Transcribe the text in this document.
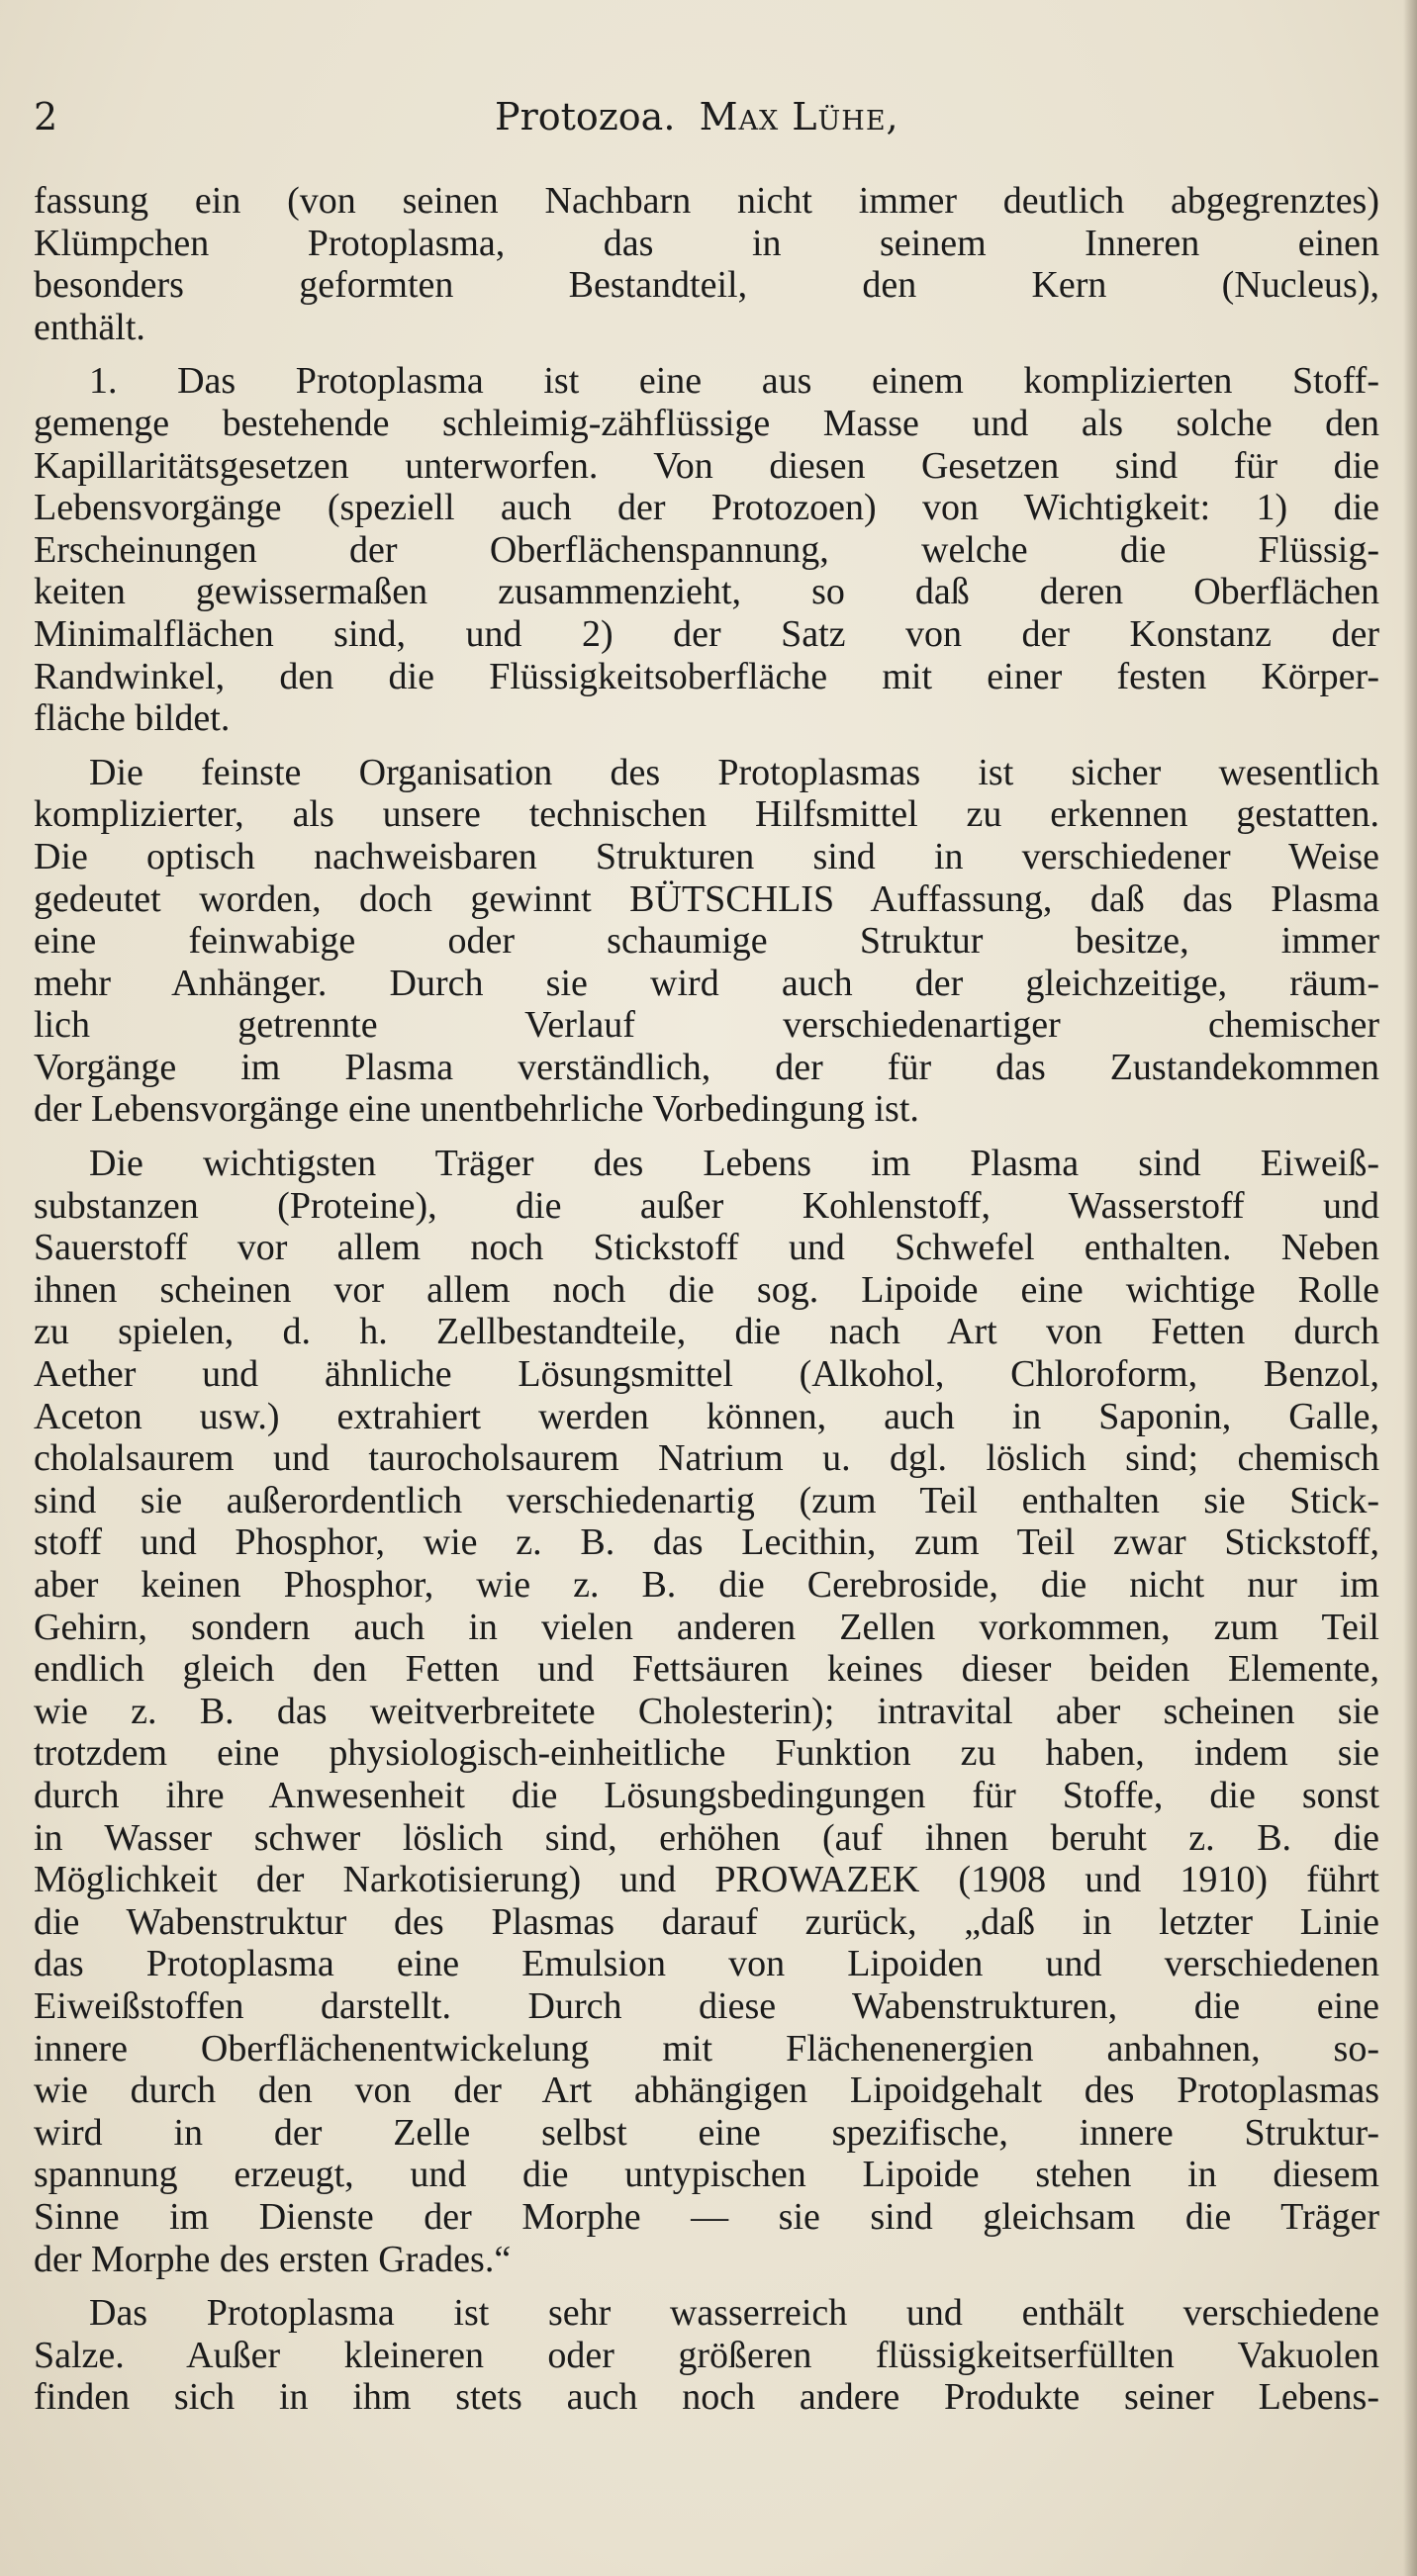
2	Protozoa. Max Lühe,
fassung ein (von seinen Nachbarn nicht immer deutlich abgegrenztes)
Klümpchen Protoplasma, das in seinem Inneren einen
besonders geformten Bestandteil, den Kern (Nucleus),
enthält.
1. Das Protoplasma ist eine aus einem komplizierten Stoff-
gemenge bestehende schleimig-zähflüssige Masse und als solche den
Kapillaritätsgesetzen unterworfen. Von diesen Gesetzen sind für die
Lebensvorgänge (speziell auch der Protozoen) von Wichtigkeit: 1) die
Erscheinungen der Oberflächenspannung, welche die Flüssig-
keiten gewissermaßen zusammenzieht, so daß deren Oberflächen
Minimalflächen sind, und 2) der Satz von der Konstanz der
Randwinkel, den die Flüssigkeitsoberfläche mit einer festen Körper-
fläche bildet.
Die feinste Organisation des Protoplasmas ist sicher wesentlich
komplizierter, als unsere technischen Hilfsmittel zu erkennen gestatten.
Die optisch nachweisbaren Strukturen sind in verschiedener Weise
gedeutet worden, doch gewinnt BÜTSCHLIS Auffassung, daß das Plasma
eine feinwabige oder schaumige Struktur besitze, immer
mehr Anhänger. Durch sie wird auch der gleichzeitige, räum-
lich getrennte Verlauf verschiedenartiger chemischer
Vorgänge im Plasma verständlich, der für das Zustandekommen
der Lebensvorgänge eine unentbehrliche Vorbedingung ist.
Die wichtigsten Träger des Lebens im Plasma sind Eiweiß-
substanzen (Proteine), die außer Kohlenstoff, Wasserstoff und
Sauerstoff vor allem noch Stickstoff und Schwefel enthalten. Neben
ihnen scheinen vor allem noch die sog. Lipoide eine wichtige Rolle
zu spielen, d. h. Zellbestandteile, die nach Art von Fetten durch
Aether und ähnliche Lösungsmittel (Alkohol, Chloroform, Benzol,
Aceton usw.) extrahiert werden können, auch in Saponin, Galle,
cholalsaurem und taurocholsaurem Natrium u. dgl. löslich sind; chemisch
sind sie außerordentlich verschiedenartig (zum Teil enthalten sie Stick-
stoff und Phosphor, wie z. B. das Lecithin, zum Teil zwar Stickstoff,
aber keinen Phosphor, wie z. B. die Cerebroside, die nicht nur im
Gehirn, sondern auch in vielen anderen Zellen vorkommen, zum Teil
endlich gleich den Fetten und Fettsäuren keines dieser beiden Elemente,
wie z. B. das weitverbreitete Cholesterin); intravital aber scheinen sie
trotzdem eine physiologisch-einheitliche Funktion zu haben, indem sie
durch ihre Anwesenheit die Lösungsbedingungen für Stoffe, die sonst
in Wasser schwer löslich sind, erhöhen (auf ihnen beruht z. B. die
Möglichkeit der Narkotisierung) und PROWAZEK (1908 und 1910) führt
die Wabenstruktur des Plasmas darauf zurück, „daß in letzter Linie
das Protoplasma eine Emulsion von Lipoiden und verschiedenen
Eiweißstoffen darstellt. Durch diese Wabenstrukturen, die eine
innere Oberflächenentwickelung mit Flächenenergien anbahnen, so-
wie durch den von der Art abhängigen Lipoidgehalt des Protoplasmas
wird in der Zelle selbst eine spezifische, innere Struktur-
spannung erzeugt, und die untypischen Lipoide stehen in diesem
Sinne im Dienste der Morphe — sie sind gleichsam die Träger
der Morphe des ersten Grades.“
Das Protoplasma ist sehr wasserreich und enthält verschiedene
Salze. Außer kleineren oder größeren flüssigkeitserfüllten Vakuolen
finden sich in ihm stets auch noch andere Produkte seiner Lebens-
